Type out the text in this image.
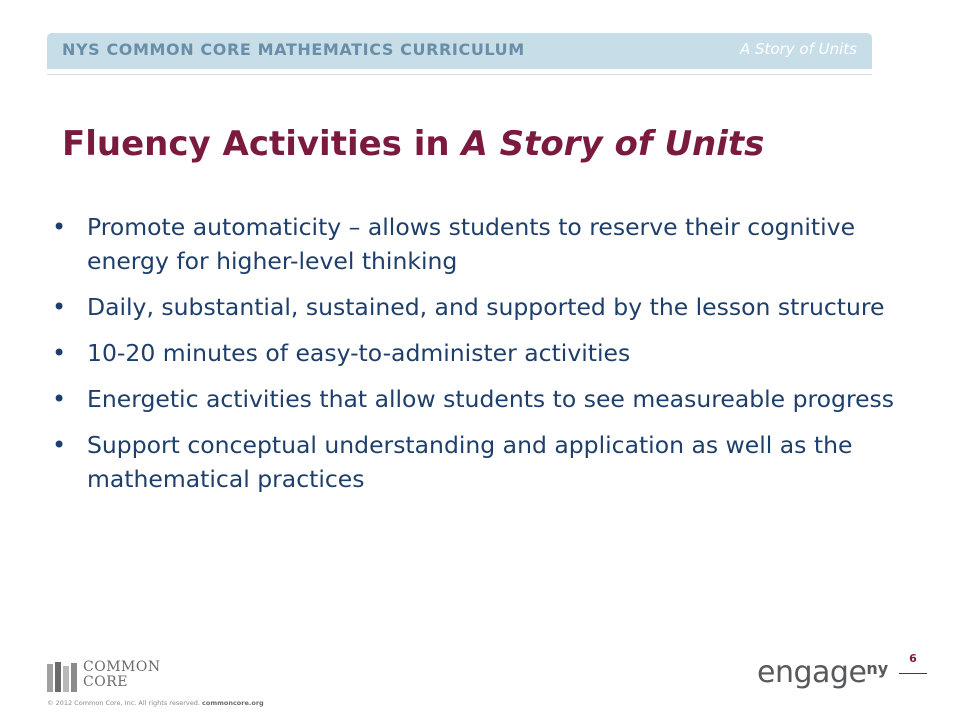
NYS COMMON CORE MATHEMATICS CURRICULUM	A Story of Units
Fluency Activities in A Story of Units
• Promote automaticity – allows students to reserve their cognitive energy for higher-level thinking
• Daily, substantial, sustained, and supported by the lesson structure
• 10-20 minutes of easy-to-administer activities
• Energetic activities that allow students to see measureable progress
• Support conceptual understanding and application as well as the mathematical practices
COMMON
CORE
© 2012 Common Core, Inc. All rights reserved. commoncore.org
6
engageny
